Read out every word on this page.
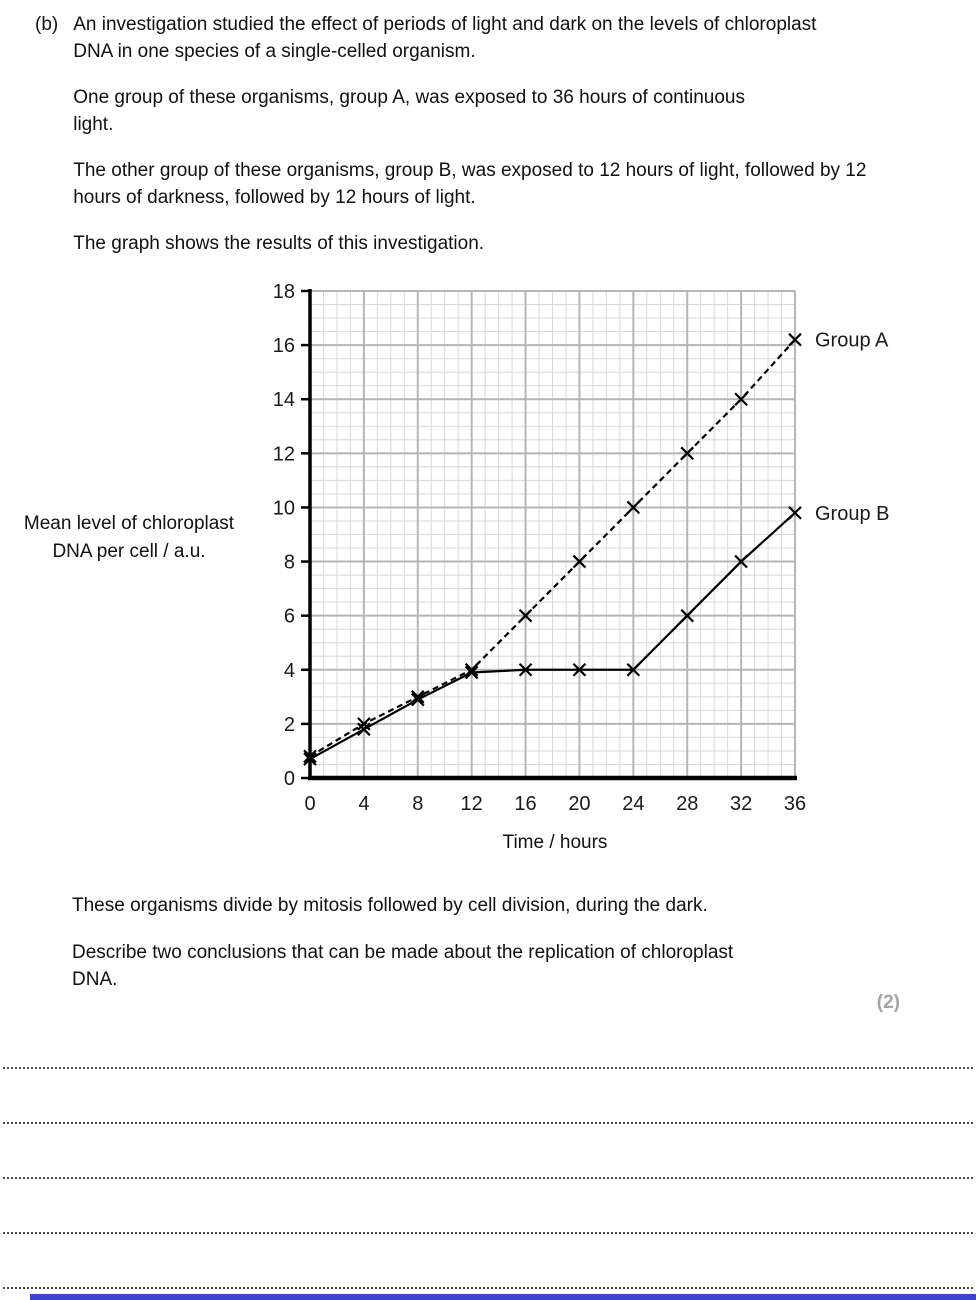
(b) An investigation studied the effect of periods of light and dark on the levels of chloroplast DNA in one species of a single-celled organism.

One group of these organisms, group A, was exposed to 36 hours of continuous light.

The other group of these organisms, group B, was exposed to 12 hours of light, followed by 12 hours of darkness, followed by 12 hours of light.

The graph shows the results of this investigation.

Mean level of chloroplast DNA per cell / a.u.
0
2
4
6
8
10
12
14
16
18
0 4 8 12 16 20 24 28 32 36
Group A
Group B
Time / hours
These organisms divide by mitosis followed by cell division, during the dark.
Describe two conclusions that can be made about the replication of chloroplast DNA.
(2)
